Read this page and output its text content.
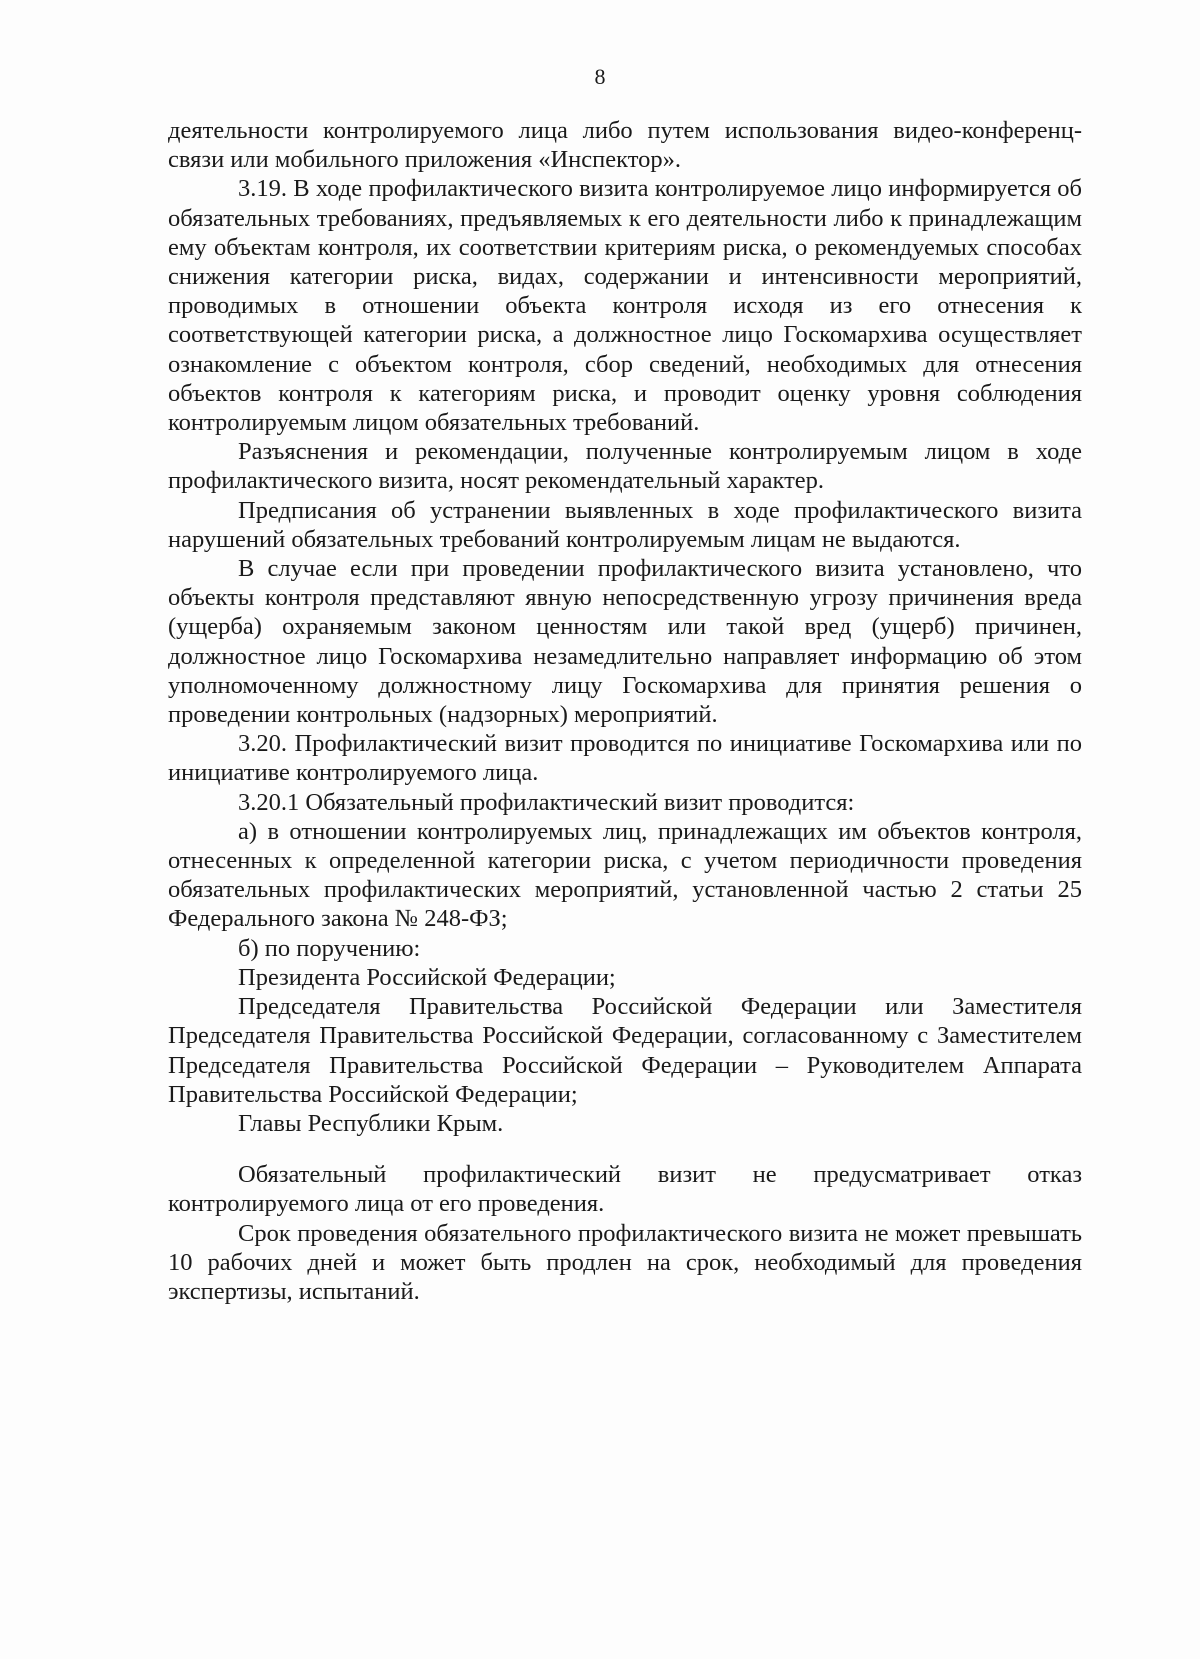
8

деятельности контролируемого лица либо путем использования видео-конференц-связи или мобильного приложения «Инспектор».

3.19. В ходе профилактического визита контролируемое лицо информируется об обязательных требованиях, предъявляемых к его деятельности либо к принадлежащим ему объектам контроля, их соответствии критериям риска, о рекомендуемых способах снижения категории риска, видах, содержании и интенсивности мероприятий, проводимых в отношении объекта контроля исходя из его отнесения к соответствующей категории риска, а должностное лицо Госкомархива осуществляет ознакомление с объектом контроля, сбор сведений, необходимых для отнесения объектов контроля к категориям риска, и проводит оценку уровня соблюдения контролируемым лицом обязательных требований.

Разъяснения и рекомендации, полученные контролируемым лицом в ходе профилактического визита, носят рекомендательный характер.

Предписания об устранении выявленных в ходе профилактического визита нарушений обязательных требований контролируемым лицам не выдаются.

В случае если при проведении профилактического визита установлено, что объекты контроля представляют явную непосредственную угрозу причинения вреда (ущерба) охраняемым законом ценностям или такой вред (ущерб) причинен, должностное лицо Госкомархива незамедлительно направляет информацию об этом уполномоченному должностному лицу Госкомархива для принятия решения о проведении контрольных (надзорных) мероприятий.

3.20. Профилактический визит проводится по инициативе Госкомархива или по инициативе контролируемого лица.

3.20.1 Обязательный профилактический визит проводится:

а) в отношении контролируемых лиц, принадлежащих им объектов контроля, отнесенных к определенной категории риска, с учетом периодичности проведения обязательных профилактических мероприятий, установленной частью 2 статьи 25 Федерального закона № 248-ФЗ;

б) по поручению:

Президента Российской Федерации;

Председателя Правительства Российской Федерации или Заместителя Председателя Правительства Российской Федерации, согласованному с Заместителем Председателя Правительства Российской Федерации – Руководителем Аппарата Правительства Российской Федерации;

Главы Республики Крым.

Обязательный профилактический визит не предусматривает отказ контролируемого лица от его проведения.

Срок проведения обязательного профилактического визита не может превышать 10 рабочих дней и может быть продлен на срок, необходимый для проведения экспертизы, испытаний.
